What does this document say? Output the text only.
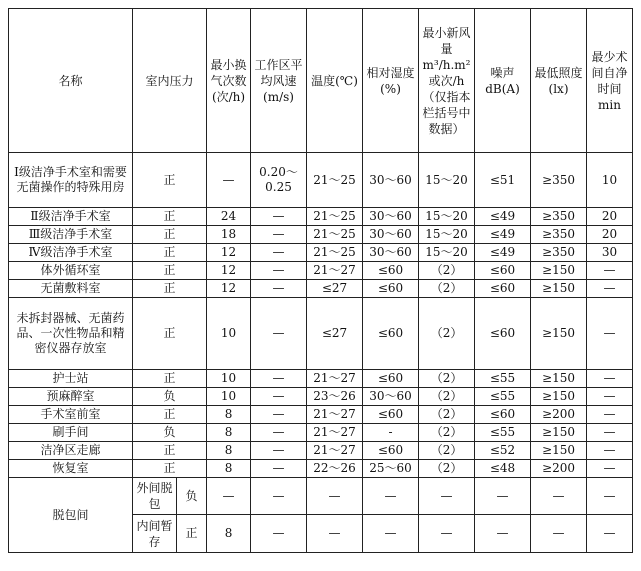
名称	室内压力		最小换气次数(次/h)	工作区平均风速(m/s)	温度(℃)	相对湿度(%)	最小新风量m³/h.m²或次/h（仅指本栏括号中数据）	噪声dB(A)	最低照度(lx)	最少术间自净时间min
Ⅰ级洁净手术室和需要无菌操作的特殊用房	正		—	0.20～0.25	21～25	30～60	15～20	≤51	≥350	10
Ⅱ级洁净手术室	正		24	—	21～25	30～60	15～20	≤49	≥350	20
Ⅲ级洁净手术室	正		18	—	21～25	30～60	15～20	≤49	≥350	20
Ⅳ级洁净手术室	正		12	—	21～25	30～60	15～20	≤49	≥350	30
体外循环室	正		12	—	21～27	≤60	（2）	≤60	≥150	—
无菌敷料室	正		12	—	≤27	≤60	（2）	≤60	≥150	—
未拆封器械、无菌药品、一次性物品和精密仪器存放室	正		10	—	≤27	≤60	（2）	≤60	≥150	—
护士站	正		10	—	21～27	≤60	（2）	≤55	≥150	—
预麻醉室	负		10	—	23～26	30～60	（2）	≤55	≥150	—
手术室前室	正		8	—	21～27	≤60	（2）	≤60	≥200	—
刷手间	负		8	—	21～27	-	（2）	≤55	≥150	—
洁净区走廊	正		8	—	21～27	≤60	（2）	≤52	≥150	—
恢复室	正		8	—	22～26	25～60	（2）	≤48	≥200	—
脱包间	外间脱包	负	—	—	—	—	—	—	—	—
	内间暂存	正	8	—	—	—	—	—	—	—
